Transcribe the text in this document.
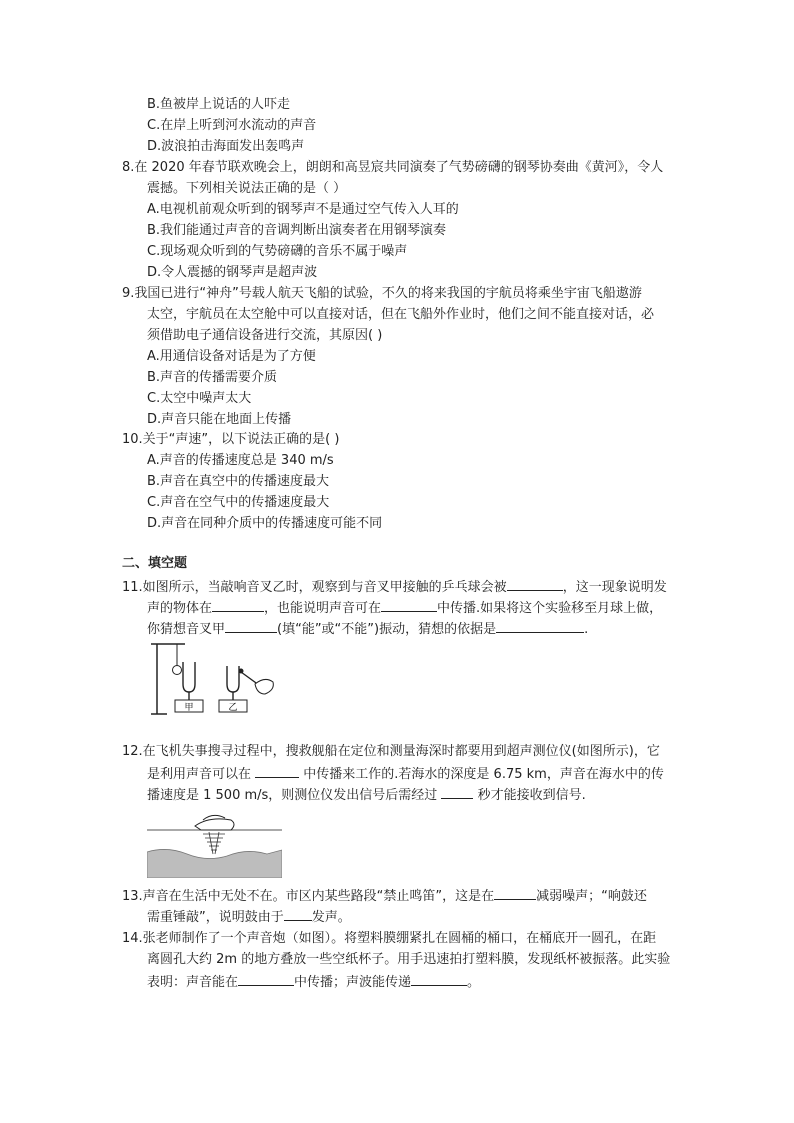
B.鱼被岸上说话的人吓走
C.在岸上听到河水流动的声音
D.波浪拍击海面发出轰鸣声
8.在 2020 年春节联欢晚会上，朗朗和高昱宸共同演奏了气势磅礴的钢琴协奏曲《黄河》，令人
震撼。下列相关说法正确的是（ ）
A.电视机前观众听到的钢琴声不是通过空气传入人耳的
B.我们能通过声音的音调判断出演奏者在用钢琴演奏
C.现场观众听到的气势磅礴的音乐不属于噪声
D.令人震撼的钢琴声是超声波
9.我国已进行“神舟”号载人航天飞船的试验，不久的将来我国的宇航员将乘坐宇宙飞船遨游
太空，宇航员在太空舱中可以直接对话，但在飞船外作业时，他们之间不能直接对话，必
须借助电子通信设备进行交流，其原因( )
A.用通信设备对话是为了方便
B.声音的传播需要介质
C.太空中噪声太大
D.声音只能在地面上传播
10.关于“声速”，以下说法正确的是( )
A.声音的传播速度总是 340 m/s
B.声音在真空中的传播速度最大
C.声音在空气中的传播速度最大
D.声音在同种介质中的传播速度可能不同
二、填空题
11.如图所示，当敲响音叉乙时，观察到与音叉甲接触的乒乓球会被	，这一现象说明发
声的物体在	，也能说明声音可在	中传播.如果将这个实验移至月球上做，
你猜想音叉甲	(填“能”或“不能”)振动，猜想的依据是	.
甲	乙
12.在飞机失事搜寻过程中，搜救舰船在定位和测量海深时都要用到超声测位仪(如图所示)，它
是利用声音可以在	中传播来工作的.若海水的深度是 6.75 km，声音在海水中的传
播速度是 1 500 m/s，则测位仪发出信号后需经过	秒才能接收到信号.
13.声音在生活中无处不在。市区内某些路段“禁止鸣笛”，这是在	减弱噪声；“响鼓还
需重锤敲”，说明鼓由于 发声。
14.张老师制作了一个声音炮（如图）。将塑料膜绷紧扎在圆桶的桶口，在桶底开一圆孔，在距
离圆孔大约 2m 的地方叠放一些空纸杯子。用手迅速拍打塑料膜，发现纸杯被振落。此实验
表明：声音能在	中传播；声波能传递	。
